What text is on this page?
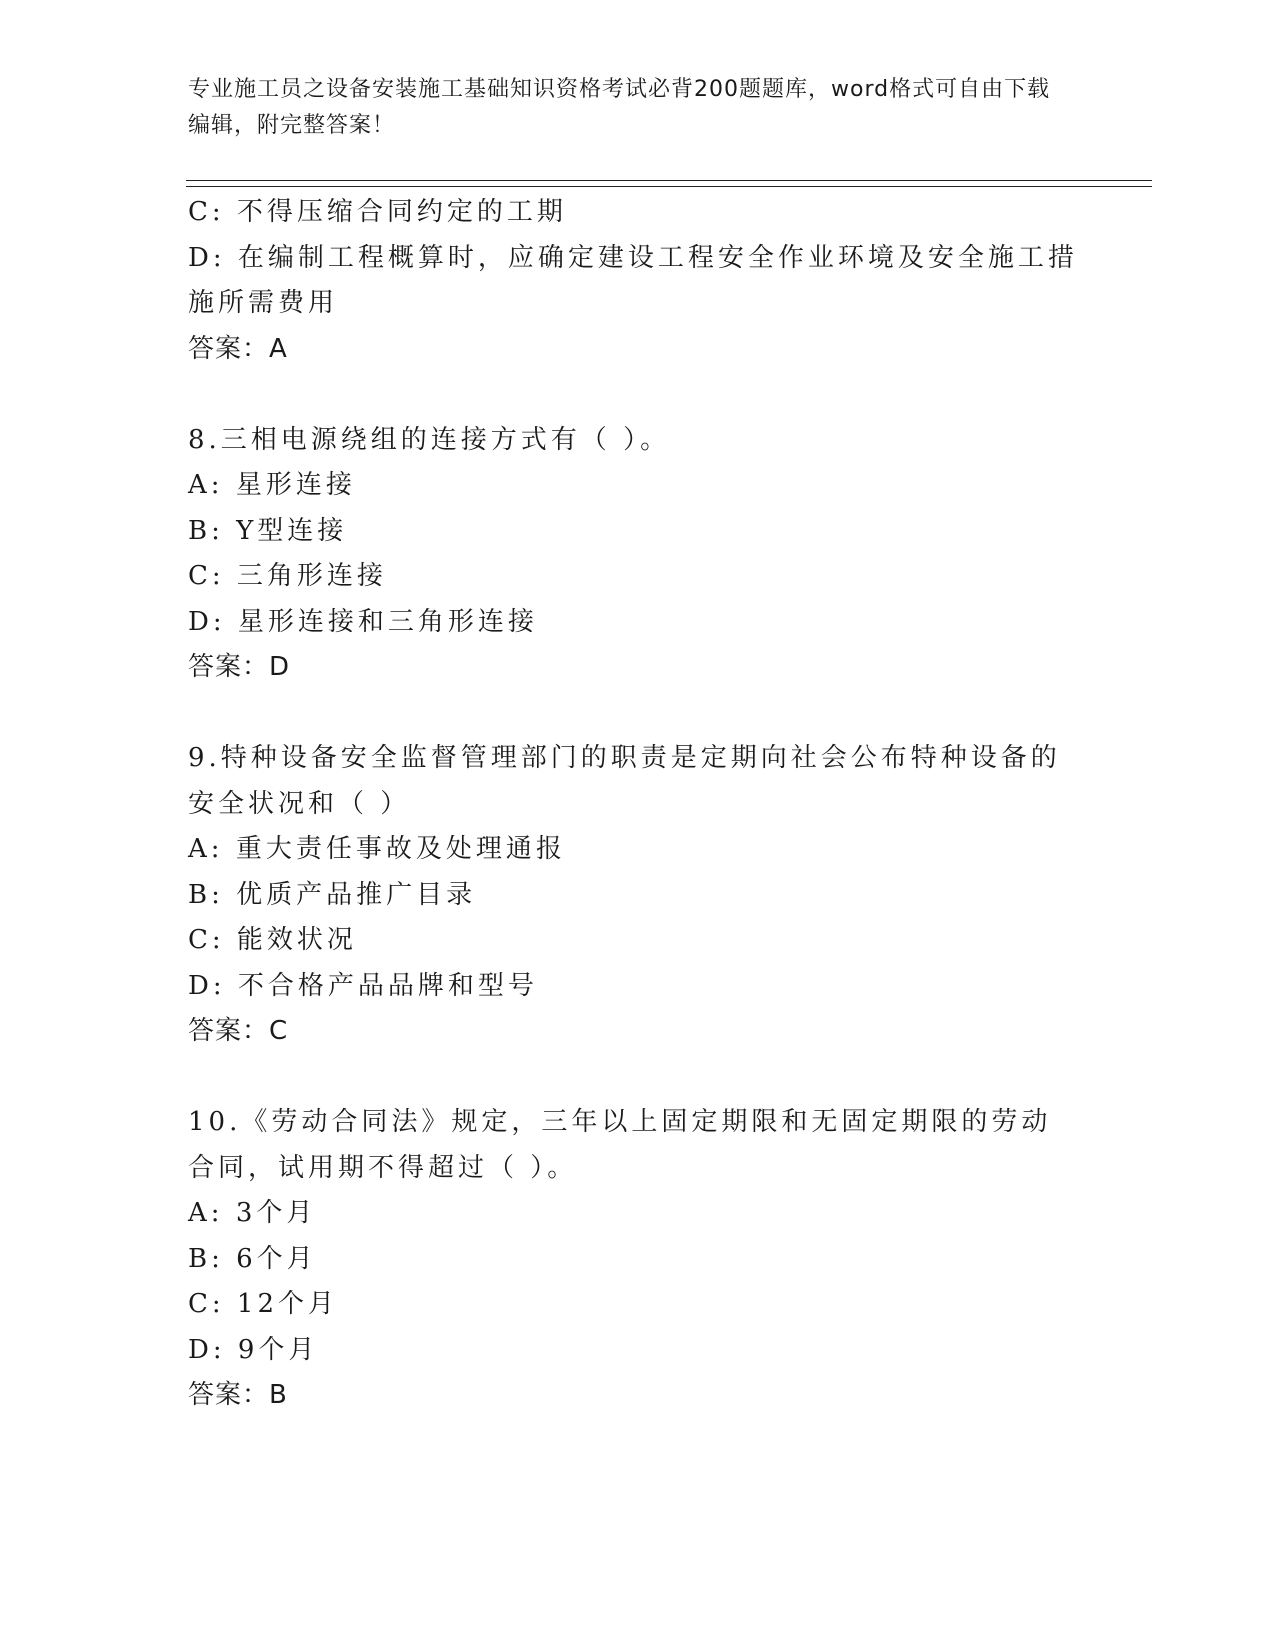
专业施工员之设备安装施工基础知识资格考试必背200题题库，word格式可自由下载编辑，附完整答案！
C: 不得压缩合同约定的工期
D: 在编制工程概算时，应确定建设工程安全作业环境及安全施工措施所需费用
答案：A
8.三相电源绕组的连接方式有（ ）。
A: 星形连接
B: Y型连接
C: 三角形连接
D: 星形连接和三角形连接
答案：D
9.特种设备安全监督管理部门的职责是定期向社会公布特种设备的安全状况和（ ）
A: 重大责任事故及处理通报
B: 优质产品推广目录
C: 能效状况
D: 不合格产品品牌和型号
答案：C
10.《劳动合同法》规定，三年以上固定期限和无固定期限的劳动合同，试用期不得超过（ ）。
A: 3个月
B: 6个月
C: 12个月
D: 9个月
答案：B
